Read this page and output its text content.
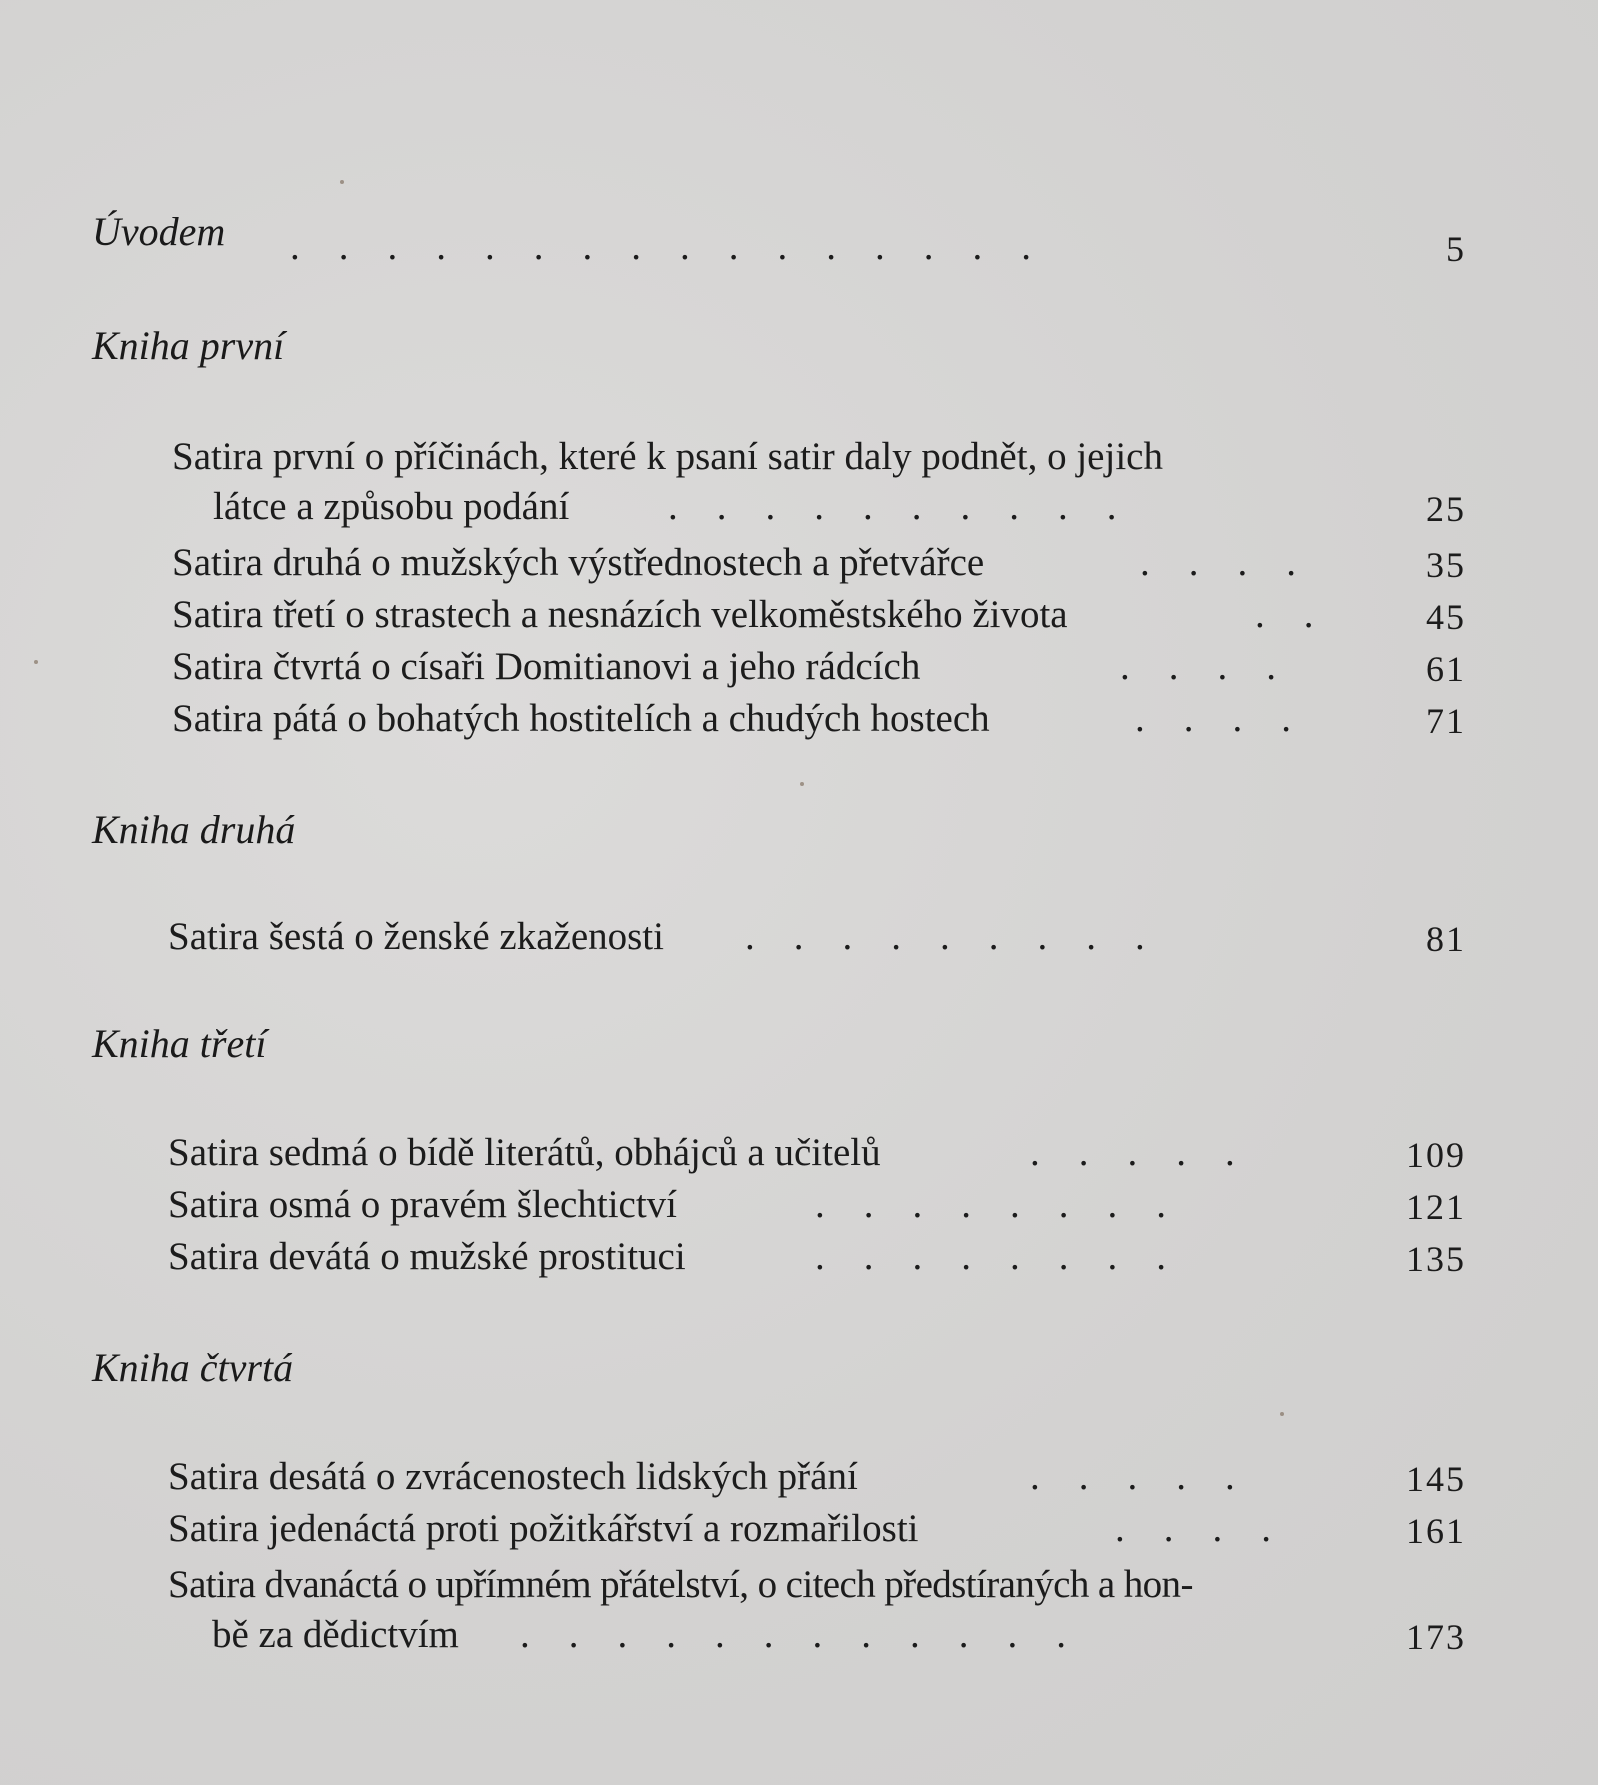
Úvodem .    .    .    .    .    .    .    .    .    .    .    .    .    .    .    .	5
Kniha první
Satira první o příčinách, které k psaní satir daly podnět, o jejich
látce a způsobu podání	.    .    .    .    .    .    .    .    .    .	25
Satira druhá o mužských výstřednostech a přetvářce	.    .    .    .	35
Satira třetí o strastech a nesnázích velkoměstského života	.    .	45
Satira čtvrtá o císaři Domitianovi a jeho rádcích	.    .    .    .	61
Satira pátá o bohatých hostitelích a chudých hostech	.    .    .    .	71
Kniha druhá
Satira šestá o ženské zkaženosti .    .    .    .    .    .    .    .    .	81
Kniha třetí
Satira sedmá o bídě literátů, obhájců a učitelů	.    .    .    .    .	109
Satira osmá o pravém šlechtictví	.    .    .    .    .    .    .    .	121
Satira devátá o mužské prostituci	.    .    .    .    .    .    .    .	135
Kniha čtvrtá
Satira desátá o zvrácenostech lidských přání	.    .    .    .    .	145
Satira jedenáctá proti požitkářství a rozmařilosti	.    .    .    .	161
Satira dvanáctá o upřímném přátelství, o citech předstíraných a hon-
bě za dědictvím .    .    .    .    .    .    .    .    .    .    .    .	173
